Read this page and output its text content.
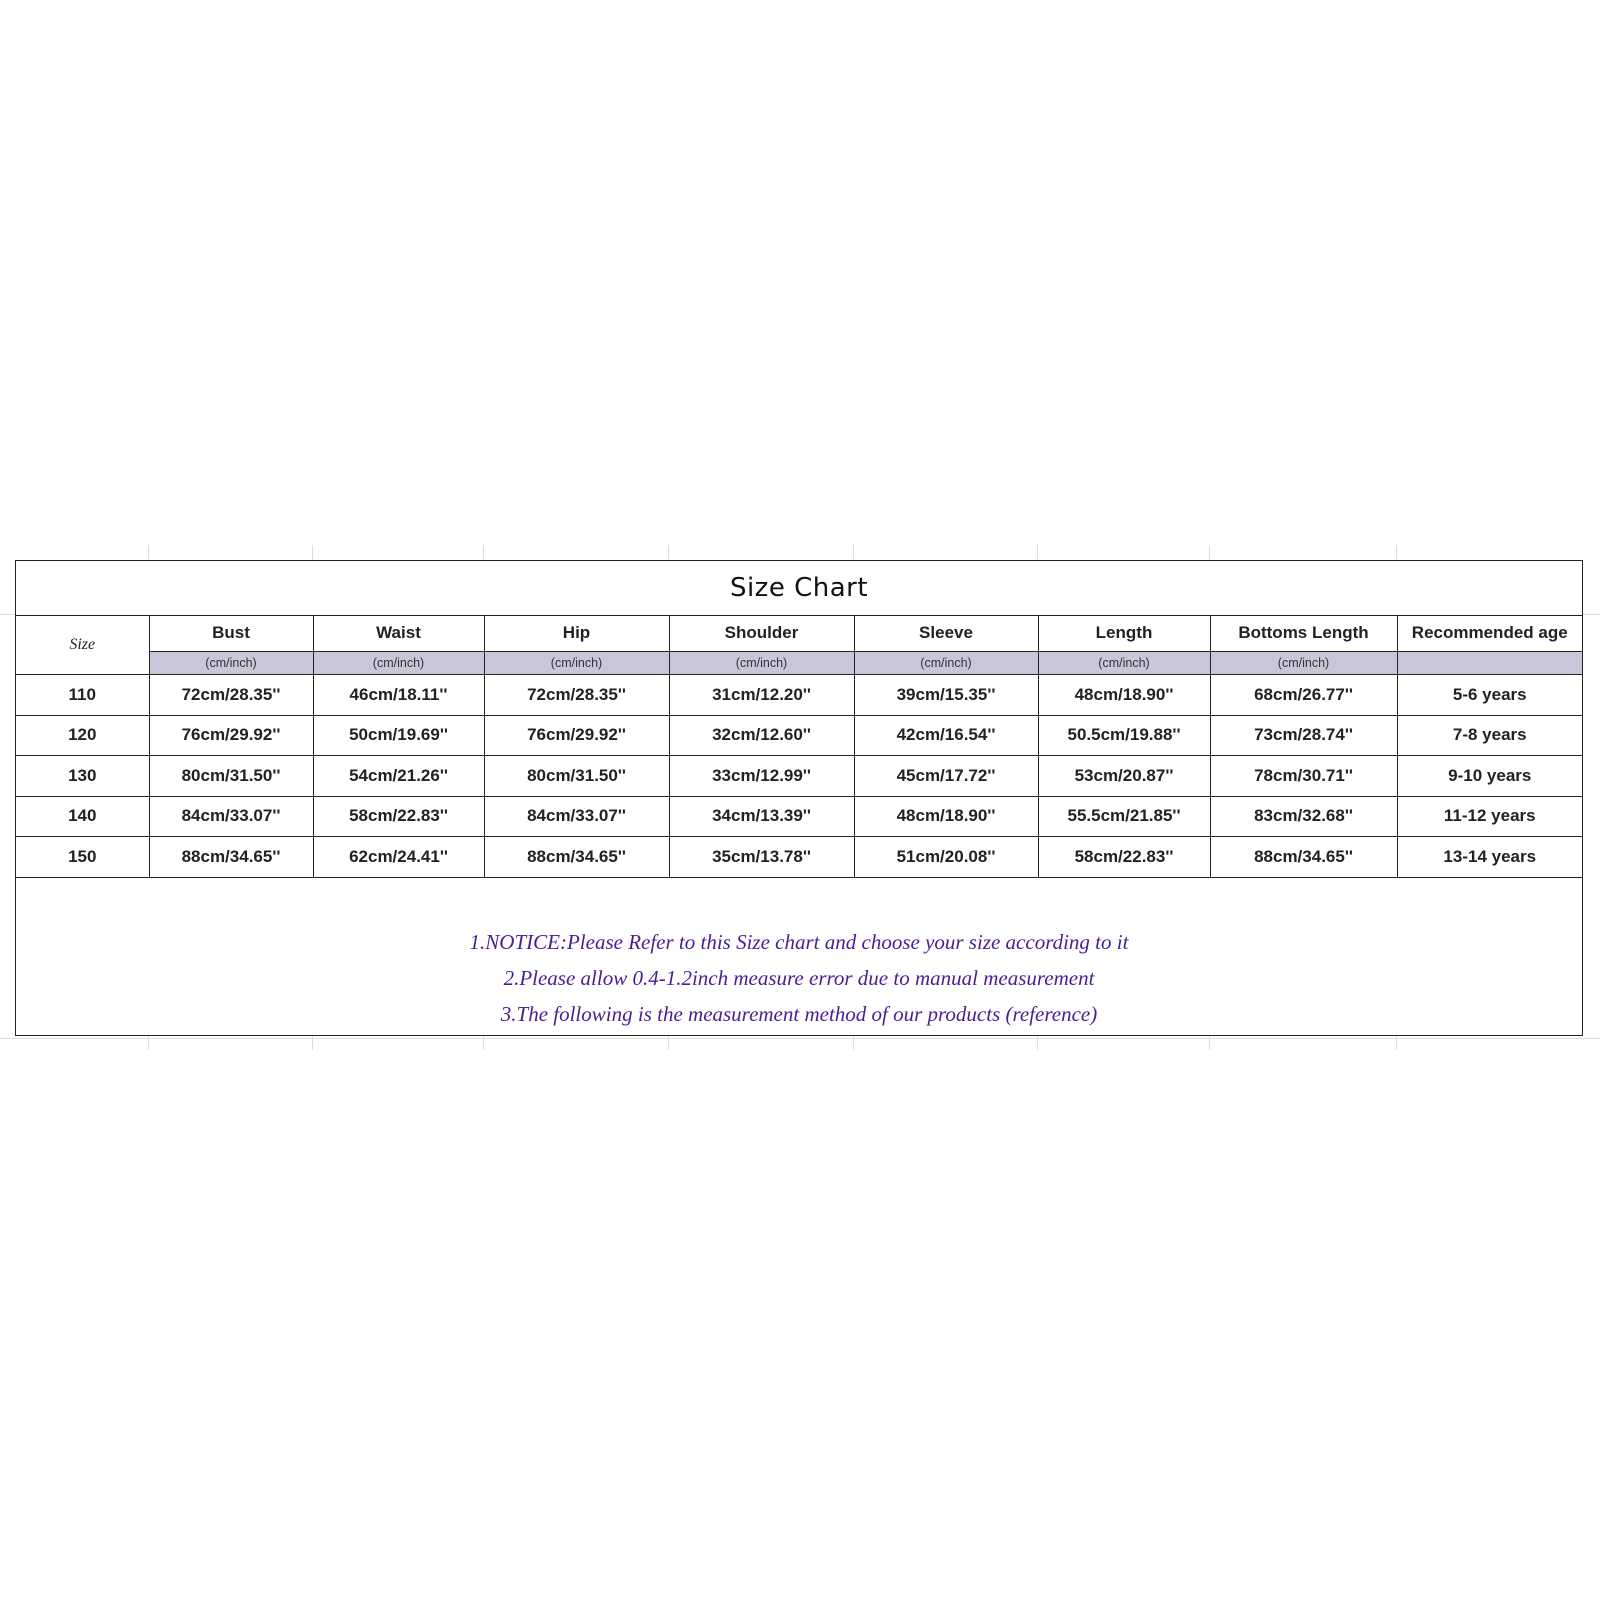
Size Chart
Size	Bust	Waist	Hip	Shoulder	Sleeve	Length	Bottoms Length	Recommended age
	(cm/inch)	(cm/inch)	(cm/inch)	(cm/inch)	(cm/inch)	(cm/inch)	(cm/inch)	
110	72cm/28.35''	46cm/18.11''	72cm/28.35''	31cm/12.20''	39cm/15.35''	48cm/18.90''	68cm/26.77''	5-6 years
120	76cm/29.92''	50cm/19.69''	76cm/29.92''	32cm/12.60''	42cm/16.54''	50.5cm/19.88''	73cm/28.74''	7-8 years
130	80cm/31.50''	54cm/21.26''	80cm/31.50''	33cm/12.99''	45cm/17.72''	53cm/20.87''	78cm/30.71''	9-10 years
140	84cm/33.07''	58cm/22.83''	84cm/33.07''	34cm/13.39''	48cm/18.90''	55.5cm/21.85''	83cm/32.68''	11-12 years
150	88cm/34.65''	62cm/24.41''	88cm/34.65''	35cm/13.78''	51cm/20.08''	58cm/22.83''	88cm/34.65''	13-14 years
1.NOTICE:Please Refer to this Size chart and choose your size according to it
2.Please allow 0.4-1.2inch measure error due to manual measurement
3.The following is the measurement method of our products (reference)
